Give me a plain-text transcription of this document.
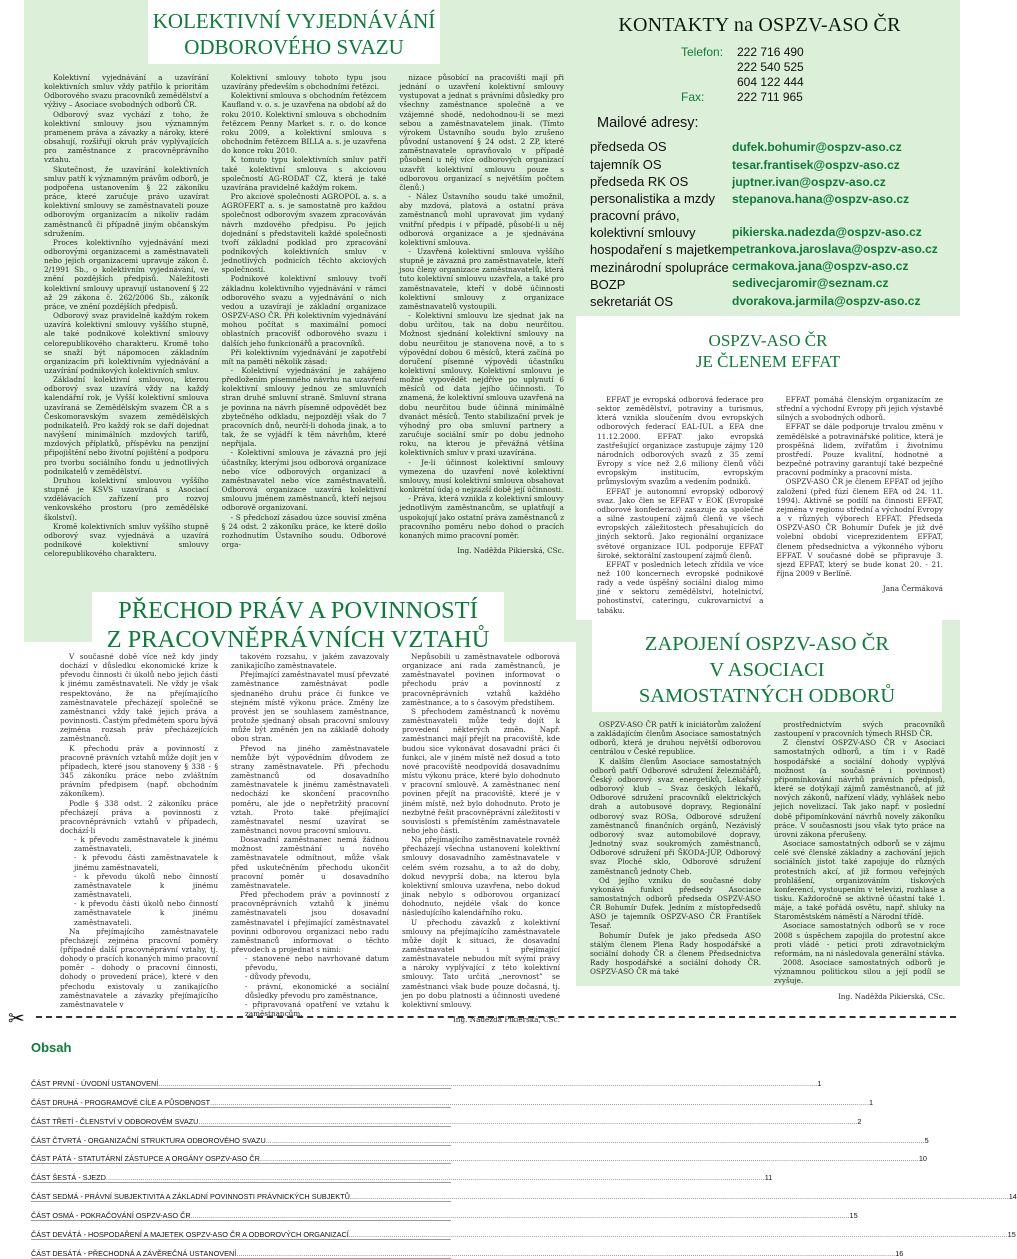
KOLEKTIVNÍ VYJEDNÁVÁNÍ
ODBOROVÉHO SVAZU

Kolektivní vyjednávání a uzavírání kolektivních smluv vždy patřilo k prioritám Odborového svazu pracovníků zemědělství a výživy – Asociace svobodných odborů ČR.

Odborový svaz vychází z toho, že kolektivní smlouvy jsou významným pramenem práva a závazky a nároky, které obsahují, rozšiřují okruh práv vyplývajících pro zaměstnance z pracovněprávního vztahu.

Skutečnost, že uzavírání kolektivních smluv patří k významným právům odborů, je podpořena ustanovením § 22 zákoníku práce, které zaručuje právo uzavírat kolektivní smlouvy se zaměstnavateli pouze odborovým organizacím a nikoliv radám zaměstnanců či případně jiným občanským sdružením.

Proces kolektivního vyjednávání mezi odborovými organizacemi a zaměstnavateli nebo jejich organizacemi upravuje zákon č. 2/1991 Sb., o kolektivním vyjednávání, ve znění pozdějších předpisů. Náležitosti kolektivní smlouvy upravují ustanovení § 22 až 29 zákona č. 262/2006 Sb., zákoník práce, ve znění pozdějších předpisů.

Odborový svaz pravidelně každým rokem uzavírá kolektivní smlouvy vyššího stupně, ale také podnikové kolektivní smlouvy celorepublikového charakteru. Kromě toho se snaží být nápomocen základním organizacím při kolektivním vyjednávání a uzavírání podnikových kolektivních smluv.

Základní kolektivní smlouvou, kterou odborový svaz uzavírá vždy na každý kalendářní rok, je Vyšší kolektivní smlouva uzavíraná se Zemědělským svazem ČR a s Českomoravským svazem zemědělských podnikatelů. Pro každý rok se daří dojednat navýšení minimálních mzdových tarifů, mzdových příplatků, příspěvku na penzijní připojištění nebo životní pojištění a podporu pro tvorbu sociálního fondu u jednotlivých podnikatelů v zemědělství.

Druhou kolektivní smlouvou vyššího stupně je KSVS uzavíraná s Asociací vzdělávacích zařízení pro rozvoj venkovského prostoru (pro zemědělské školství).

Kromě kolektivních smluv vyššího stupně odborový svaz vyjednává a uzavírá podnikové kolektivní smlouvy celorepublikového charakteru.

Kolektivní smlouvy tohoto typu jsou uzavírány především s obchodními řetězci.

Kolektivní smlouva s obchodním řetězcem Kaufland v. o. s. je uzavřena na období až do roku 2010. Kolektivní smlouva s obchodním řetězcem Penny Market s. r. o. do konce roku 2009, a kolektivní smlouva s obchodním řetězcem BILLA a. s. je uzavřena do konce roku 2010.

K tomuto typu kolektivních smluv patří také kolektivní smlouva s akciovou společností AG-RODAT CZ, která je také uzavírána pravidelně každým rokem.

Pro akciové společnosti AGROPOL a. s. a AGROFERT a. s. je samostatně pro každou společnost odborovým svazem zpracováván návrh mzdového předpisu. Po jejich dojednání s představiteli každé společnosti tvoří základní podklad pro zpracování podnikových kolektivních smluv v jednotlivých podnicích těchto akciových společností.

Podnikové kolektivní smlouvy tvoří základnu kolektivního vyjednávání v rámci odborového svazu a vyjednávání o nich vedou a uzavírají je základní organizace OSPZV-ASO ČR. Při kolektivním vyjednávání mohou počítat s maximální pomocí oblastních pracovišť odborového svazu i dalších jeho funkcionářů a pracovníků.

Při kolektivním vyjednávání je zapotřebí mít na paměti několik zásad:

- Kolektivní vyjednávání je zahájeno předložením písemného návrhu na uzavření kolektivní smlouvy jednou ze smluvních stran druhé smluvní straně. Smluvní strana je povinna na návrh písemně odpovědět bez zbytečného odkladu, nejpozději však do 7 pracovních dnů, neurčí-li dohoda jinak, a to tak, že se vyjádří k těm návrhům, které nepřijala.

- Kolektivní smlouva je závazná pro její účastníky, kterými jsou odborová organizace nebo více odborových organizací a zaměstnavatel nebo více zaměstnavatelů. Odborová organizace uzavírá kolektivní smlouvu jménem zaměstnanců, kteří nejsou odborově organizovaní.

- S předchozí zásadou úzce souvisí změna § 24 odst. 2 zákoníku práce, ke které došlo rozhodnutím Ústavního soudu. Odborové orga-

nizace působící na pracovišti mají při jednání o uzavření kolektivní smlouvy vystupovat a jednat s právními důsledky pro všechny zaměstnance společně a ve vzájemné shodě, nedohodnou-li se mezi sebou a zaměstnavatelem jinak. (Tímto výrokem Ústavního soudu bylo zrušeno původní ustanovení § 24 odst. 2 ZP, které zaměstnavatele opravňovalo v případě působení u něj více odborových organizací uzavřít kolektivní smlouvu pouze s odborovou organizací s největším počtem členů.)

- Nález Ústavního soudu také umožnil, aby mzdová, platová a ostatní práva zaměstnanců mohl upravovat jim vydaný vnitřní předpis i v případě, působí-li u něj odborová organizace a je sjednávána kolektivní smlouva.

- Uzavřená kolektivní smlouva vyššího stupně je závazná pro zaměstnavatele, kteří jsou členy organizace zaměstnavatelů, která tuto kolektivní smlouvu uzavřela, a také pro zaměstnavatele, kteří v době účinnosti kolektivní smlouvy z organizace zaměstnavatelů vystoupili.

- Kolektivní smlouvu lze sjednat jak na dobu určitou, tak na dobu neurčitou. Možnost sjednání kolektivní smlouvy na dobu neurčitou je stanovena nově, a to s výpovědní dobou 6 měsíců, která začíná po doručení písemné výpovědi účastníku kolektivní smlouvy. Kolektivní smlouvu je možné vypovědět nejdříve po uplynutí 6 měsíců od data jejího účinnosti. To znamená, že kolektivní smlouva uzavřená na dobu neurčitou bude účinná minimálně dvanáct měsíců. Tento stabilizační prvek je výhodný pro oba smluvní partnery a zaručuje sociální smír po dobu jednoho roku, na kterou je převážná většina kolektivních smluv v praxi uzavírána.

- Je-li účinnost kolektivní smlouvy vymezena do uzavření nové kolektivní smlouvy, musí kolektivní smlouva obsahovat konkrétní údaj o nejzazší době její účinnosti.

- Práva, která vznikla z kolektivní smlouvy jednotlivým zaměstnancům, se uplatňují a uspokojují jako ostatní práva zaměstnanců z pracovního poměru nebo dohod o pracích konaných mimo pracovní poměr.

Ing. Naděžda Pikierská, CSc.

PŘECHOD PRÁV A POVINNOSTÍ
Z PRACOVNĚPRÁVNÍCH VZTAHŮ

V současné době více než kdy jindy dochází v důsledku ekonomické krize k převodu činnosti či úkolů nebo jejich části k jinému zaměstnavateli. Ne vždy je však respektováno, že na přejímajícího zaměstnavatele přecházejí společně se zaměstnanci vždy také jejich práva a povinnosti. Častým předmětem sporu bývá zejména rozsah práv přecházejících zaměstnanců.

K přechodu práv a povinností z pracovně právních vztahů může dojít jen v případech, které jsou stanoveny § 338 - § 345 zákoníku práce nebo zvláštním právním předpisem (např. obchodním zákoníkem).

Podle § 338 odst. 2 zákoníku práce přecházejí práva a povinnosti z pracovněprávních vztahů v případech, dochází-li

- k převodu zaměstnavatele k jinému zaměstnavateli,

- k převodu části zaměstnavatele k jinému zaměstnavateli,

- k převodu úkolů nebo činností zaměstnavatele k jinému zaměstnavateli,

- k převodu části úkolů nebo činností zaměstnavatele k jinému zaměstnavateli.

Na přejímajícího zaměstnavatele přecházejí zejména pracovní poměry (případně další pracovněprávní vztahy, tj. dohody o pracích konaných mimo pracovní poměr – dohody o pracovní činnosti, dohody o provedení práce), které v den přechodu existovaly u zanikajícího zaměstnavatele a závazky přejímajícího zaměstnavatele v

takovém rozsahu, v jakém zavazovaly zanikajícího zaměstnavatele.

Přejímající zaměstnavatel musí převzaté zaměstnance zaměstnávat podle sjednaného druhu práce či funkce ve stejném místě výkonu práce. Změny lze provést jen se souhlasem zaměstnance, protože sjednaný obsah pracovní smlouvy může být změněn jen na základě dohody obou stran.

Převod na jiného zaměstnavatele nemůže být výpovědním důvodem ze strany zaměstnavatele. Při přechodu zaměstnanců od dosavadního zaměstnavatele k jinému zaměstnavateli nedochází ke skončení pracovního poměru, ale jde o nepřetržitý pracovní vztah. Proto také přejímající zaměstnavatel nesmí uzavírat se zaměstnanci novou pracovní smlouvu.

Dosavadní zaměstnanec nemá žádnou možnost zaměstnání u nového zaměstnavatele odmítnout, může však před uskutečněním přechodu ukončit pracovní poměr u dosavadního zaměstnavatele.

Před přechodem práv a povinností z pracovněprávních vztahů k jinému zaměstnavateli jsou dosavadní zaměstnavatel i přejímající zaměstnavatel povinni odborovou organizaci nebo radu zaměstnanců informovat o těchto převodech a projednat s nimi:

- stanovené nebo navrhované datum převodu,

- důvody převodu,

- právní, ekonomické a sociální důsledky převodu pro zaměstnance,

- připravovaná opatření ve vztahu k zaměstnancům.

Nepůsobili u zaměstnavatele odborová organizace ani rada zaměstnanců, je zaměstnavatel povinen informovat o přechodu práv a povinností z pracovněprávních vztahů každého zaměstnance, a to s časovým předstihem.

S přechodem zaměstnanců k novému zaměstnavateli může tedy dojít k provedení některých změn. Např. zaměstnanci mají přejít na pracoviště, kde budou sice vykonávat dosavadní práci či funkci, ale v jiném místě než dosud a toto nové pracoviště neodpovídá dosavadnímu místu výkonu práce, které bylo dohodnuto v pracovní smlouvě. A zaměstnanec není povinen přejít na pracoviště, které je v jiném místě, než bylo dohodnuto. Proto je nezbytné řešit pracovněprávní záležitosti v souvislosti s přemístěním zaměstnavatele nebo jeho části.

Na přejímajícího zaměstnavatele rovněž přecházejí všechna ustanovení kolektivní smlouvy dosavadního zaměstnavatele v celém svém rozsahu, a to až do doby, dokud nevyprší doba, na kterou byla kolektivní smlouva uzavřena, nebo dokud jinak nebylo s odborovou organizací dohodnuto, nejdéle však do konce následujícího kalendářního roku.

U přechodu závazků z kolektivní smlouvy na přejímajícího zaměstnavatele může dojít k situaci, že dosavadní zaměstnavatel i přejímající zaměstnavatele nebudou mít svými právy a nároky vyplývající z této kolektivní smlouvy. Tato určitá „nerovnost” se zaměstnanci však bude pouze dočasná, tj. jen po dobu platnosti a účinnosti uvedené kolektivní smlouvy.

Ing. Naděžda Pikierská, CSc.

KONTAKTY na OSPZV-ASO ČR
Telefon: 222 716 490
222 540 525
604 122 444
Fax:	222 711 965
Mailové adresy:
předseda OS	dufek.bohumir@ospzv-aso.cz
tajemník OS	tesar.frantisek@ospzv-aso.cz
předseda RK OS	juptner.ivan@ospzv-aso.cz
personalistika a mzdy stepanova.hana@ospzv-aso.cz
pracovní právo,
kolektivní smlouvy	pikierska.nadezda@ospzv-aso.cz
hospodaření s majetkem petrankova.jaroslava@ospzv-aso.cz
mezinárodní spolupráce cermakova.jana@ospzv-aso.cz
BOZP	sedivecjaromir@seznam.cz
sekretariát OS	dvorakova.jarmila@ospzv-aso.cz
OSPZV-ASO ČR
JE ČLENEM EFFAT

EFFAT je evropská odborová federace pro sektor zemědělství, potraviny a turismus, která vznikla sloučením dvou evropských odborových federací EAL-IUL a EFA dne 11.12.2000. EFFAT jako evropská zastřešující organizace zastupuje zájmy 120 národních odborových svazů z 35 zemí Evropy s více než 2,6 miliony členů vůči evropským institucím, evropským průmyslovým svazům a vedením podniků.

EFFAT je autonomní evropský odborový svaz. Jako člen se EFFAT v EOK (Evropské odborové konfederaci) zasazuje za společné a silné zastoupení zájmů členů ve všech evropských záležitostech přesahujících do jiných sektorů. Jako regionální organizace světové organizace IUL podporuje EFFAT široké, sektorální zastoupení zájmů členů.

EFFAT v posledních letech zřídila ve více než 100 koncernech evropské podnikové rady a vede úspěšný sociální dialog mimo jiné v sektoru zemědělství, hotelnictví, pohostinství, cateringu, cukrovarnictví a tabáku.

EFFAT pomáhá členským organizacím ze střední a východní Evropy při jejich výstavbě silných a svobodných odborů.

EFFAT se dále podporuje trvalou změnu v zemědělské a potravinářské politice, která je prospěšná lidem, zvířatům i životnímu prostředí. Pouze kvalitní, hodnotné a bezpečné potraviny garantují také bezpečné pracovní podmínky a pracovní místa.

OSPZV-ASO ČR je členem EFFAT od jejího založení (před fúzí členem EFA od 24. 11. 1994). Aktivně se podílí na činnosti EFFAT, zejména v regionu střední a východní Evropy a v různých výborech EFFAT. Předseda OSPZV-ASO ČR Bohumír Dufek je již dvě volební období viceprezidentem EFFAT, členem předsednictva a výkonného výboru EFFAT. V současné době se připravuje 3. sjezd EFFAT, který se bude konat 20. - 21. října 2009 v Berlíně.

Jana Čermáková

ZAPOJENÍ OSPZV-ASO ČR
V ASOCIACI
SAMOSTATNÝCH ODBORŮ

OSPZV-ASO ČR patří k iniciátorům založení a zakládajícím členům Asociace samostatných odborů, která je druhou největší odborovou centrálou v České republice.

K dalším členům Asociace samostatných odborů patří Odborové sdružení železničářů, Český odborový svaz energetiků, Lékařský odborový klub – Svaz českých lékařů, Odborové sdružení pracovníků elektrických drah a autobusové dopravy, Regionální odborový svaz ROSa, Odborové sdružení zaměstnanců finančních orgánů, Nezávislý odborový svaz automobilové dopravy, Jednotný svaz soukromých zaměstnanců, Odborové sdružení při ŠKODA-JÚP, Odborový svaz Ploché sklo, Odborové sdružení zaměstnanců jednoty Cheb.

Od jejího vzniku do současné doby vykonává funkci předsedy Asociace samostatných odborů předseda OSPZV-ASO ČR Bohumír Dufek. Jedním z místopředsedů ASO je tajemník OSPZV-ASO ČR František Tesař.

Bohumír Dufek je jako předseda ASO stálým členem Plena Rady hospodářské a sociální dohody ČR a členem Předsednictva Rady hospodářské a sociální dohody ČR. OSPZV-ASO ČR má také

prostřednictvím svých pracovníků zastoupení v pracovních týmech RHSD ČR.

Z členství OSPZV-ASO ČR v Asociaci samostatných odborů, a tím i v Radě hospodářské a sociální dohody vyplývá možnost (a současně i povinnost) připomínkování návrhů právních předpisů, které se dotýkají zájmů zaměstnanců, ať již nových zákonů, nařízení vlády, vyhlášek nebo jejich novelizací. Tak jako např. v poslední době připomínkování návrhů novely zákoníku práce. V současnosti jsou však tyto práce na úrovni zákona přerušeny.

Asociace samostatných odborů se v zájmu celé své členské základny a zachování jejich sociálních jistot také zapojuje do různých protestních akcí, ať již formou veřejných prohlášení, organizováním tiskových konferencí, vystoupením v televizi, rozhlase a tisku. Každoročně se aktivně účastní také 1. máje, a také pořádá osvětu, např. shluky na Staroměstském náměstí a Národní třídě.

Asociace samostatných odborů se v roce 2008 s úspěchem zapojila do protestní akce proti vládě - petici proti zdravotnickým reformám, na ni následovala generální stávka.

2008. Asociace samostatných odborů je významnou politickou silou a její podíl se zvyšuje.

Ing. Naděžda Pikierská, CSc.

✂
Obsah
ČÁST PRVNÍ - ÚVODNÍ USTANOVENÍ .....	1
ČÁST DRUHÁ - PROGRAMOVÉ CÍLE A PŮSOBNOST .....	1
ČÁST TŘETÍ - ČLENSTVÍ V ODBOROVÉM SVAZU .....	2
ČÁST ČTVRTÁ - ORGANIZAČNÍ STRUKTURA ODBOROVÉHO SVAZU .....	5
ČÁST PÁTÁ - STATUTÁRNÍ ZÁSTUPCE A ORGÁNY OSPZV-ASO ČR .....	10
ČÁST ŠESTÁ - SJEZD .....	11
ČÁST SEDMÁ - PRÁVNÍ SUBJEKTIVITA A ZÁKLADNÍ POVINNOSTI PRÁVNICKÝCH SUBJEKTŮ .....	14
ČÁST OSMÁ - POKRAČOVÁNÍ OSPZV-ASO ČR .....	15
ČÁST DEVÁTÁ - HOSPODAŘENÍ A MAJETEK OSPZV-ASO ČR A ODBOROVÝCH ORGANIZACÍ .....	15
ČÁST DESÁTÁ - PŘECHODNÁ A ZÁVĚREČNÁ USTANOVENÍ .....	16
